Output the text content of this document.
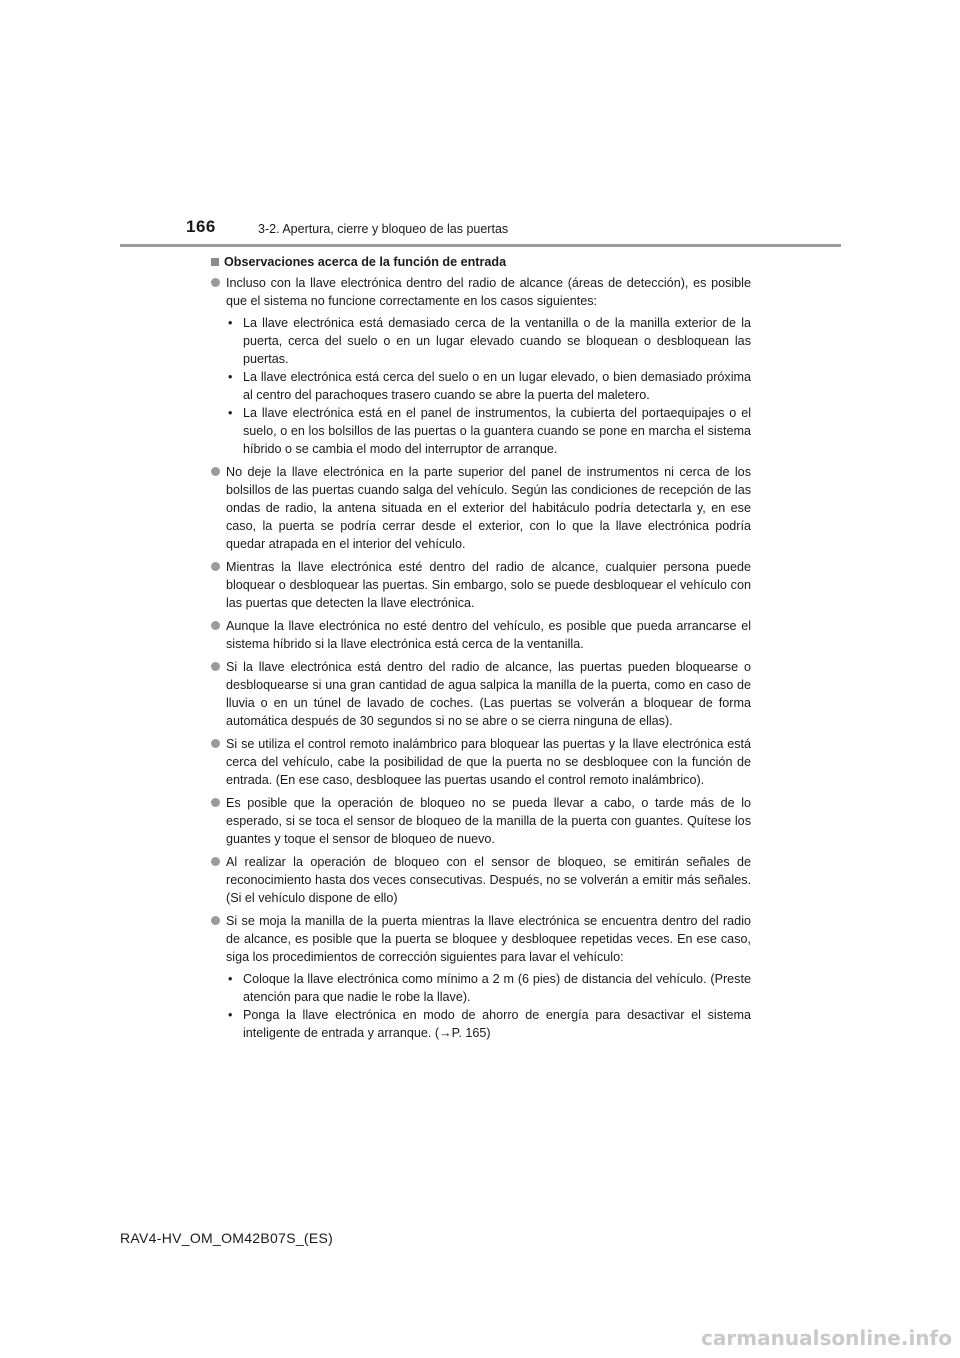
166	3-2. Apertura, cierre y bloqueo de las puertas
Observaciones acerca de la función de entrada
Incluso con la llave electrónica dentro del radio de alcance (áreas de detección), es posible que el sistema no funcione correctamente en los casos siguientes:
• La llave electrónica está demasiado cerca de la ventanilla o de la manilla exterior de la puerta, cerca del suelo o en un lugar elevado cuando se bloquean o desbloquean las puertas.
• La llave electrónica está cerca del suelo o en un lugar elevado, o bien demasiado próxima al centro del parachoques trasero cuando se abre la puerta del maletero.
• La llave electrónica está en el panel de instrumentos, la cubierta del portaequipajes o el suelo, o en los bolsillos de las puertas o la guantera cuando se pone en marcha el sistema híbrido o se cambia el modo del interruptor de arranque.
No deje la llave electrónica en la parte superior del panel de instrumentos ni cerca de los bolsillos de las puertas cuando salga del vehículo. Según las condiciones de recepción de las ondas de radio, la antena situada en el exterior del habitáculo podría detectarla y, en ese caso, la puerta se podría cerrar desde el exterior, con lo que la llave electrónica podría quedar atrapada en el interior del vehículo.
Mientras la llave electrónica esté dentro del radio de alcance, cualquier persona puede bloquear o desbloquear las puertas. Sin embargo, solo se puede desbloquear el vehículo con las puertas que detecten la llave electrónica.
Aunque la llave electrónica no esté dentro del vehículo, es posible que pueda arrancarse el sistema híbrido si la llave electrónica está cerca de la ventanilla.
Si la llave electrónica está dentro del radio de alcance, las puertas pueden bloquearse o desbloquearse si una gran cantidad de agua salpica la manilla de la puerta, como en caso de lluvia o en un túnel de lavado de coches. (Las puertas se volverán a bloquear de forma automática después de 30 segundos si no se abre o se cierra ninguna de ellas).
Si se utiliza el control remoto inalámbrico para bloquear las puertas y la llave electrónica está cerca del vehículo, cabe la posibilidad de que la puerta no se desbloquee con la función de entrada. (En ese caso, desbloquee las puertas usando el control remoto inalámbrico).
Es posible que la operación de bloqueo no se pueda llevar a cabo, o tarde más de lo esperado, si se toca el sensor de bloqueo de la manilla de la puerta con guantes. Quítese los guantes y toque el sensor de bloqueo de nuevo.
Al realizar la operación de bloqueo con el sensor de bloqueo, se emitirán señales de reconocimiento hasta dos veces consecutivas. Después, no se volverán a emitir más señales. (Si el vehículo dispone de ello)
Si se moja la manilla de la puerta mientras la llave electrónica se encuentra dentro del radio de alcance, es posible que la puerta se bloquee y desbloquee repetidas veces. En ese caso, siga los procedimientos de corrección siguientes para lavar el vehículo:
• Coloque la llave electrónica como mínimo a 2 m (6 pies) de distancia del vehículo. (Preste atención para que nadie le robe la llave).
• Ponga la llave electrónica en modo de ahorro de energía para desactivar el sistema inteligente de entrada y arranque. (→P. 165)
RAV4-HV_OM_OM42B07S_(ES)
carmanualsonline.info
